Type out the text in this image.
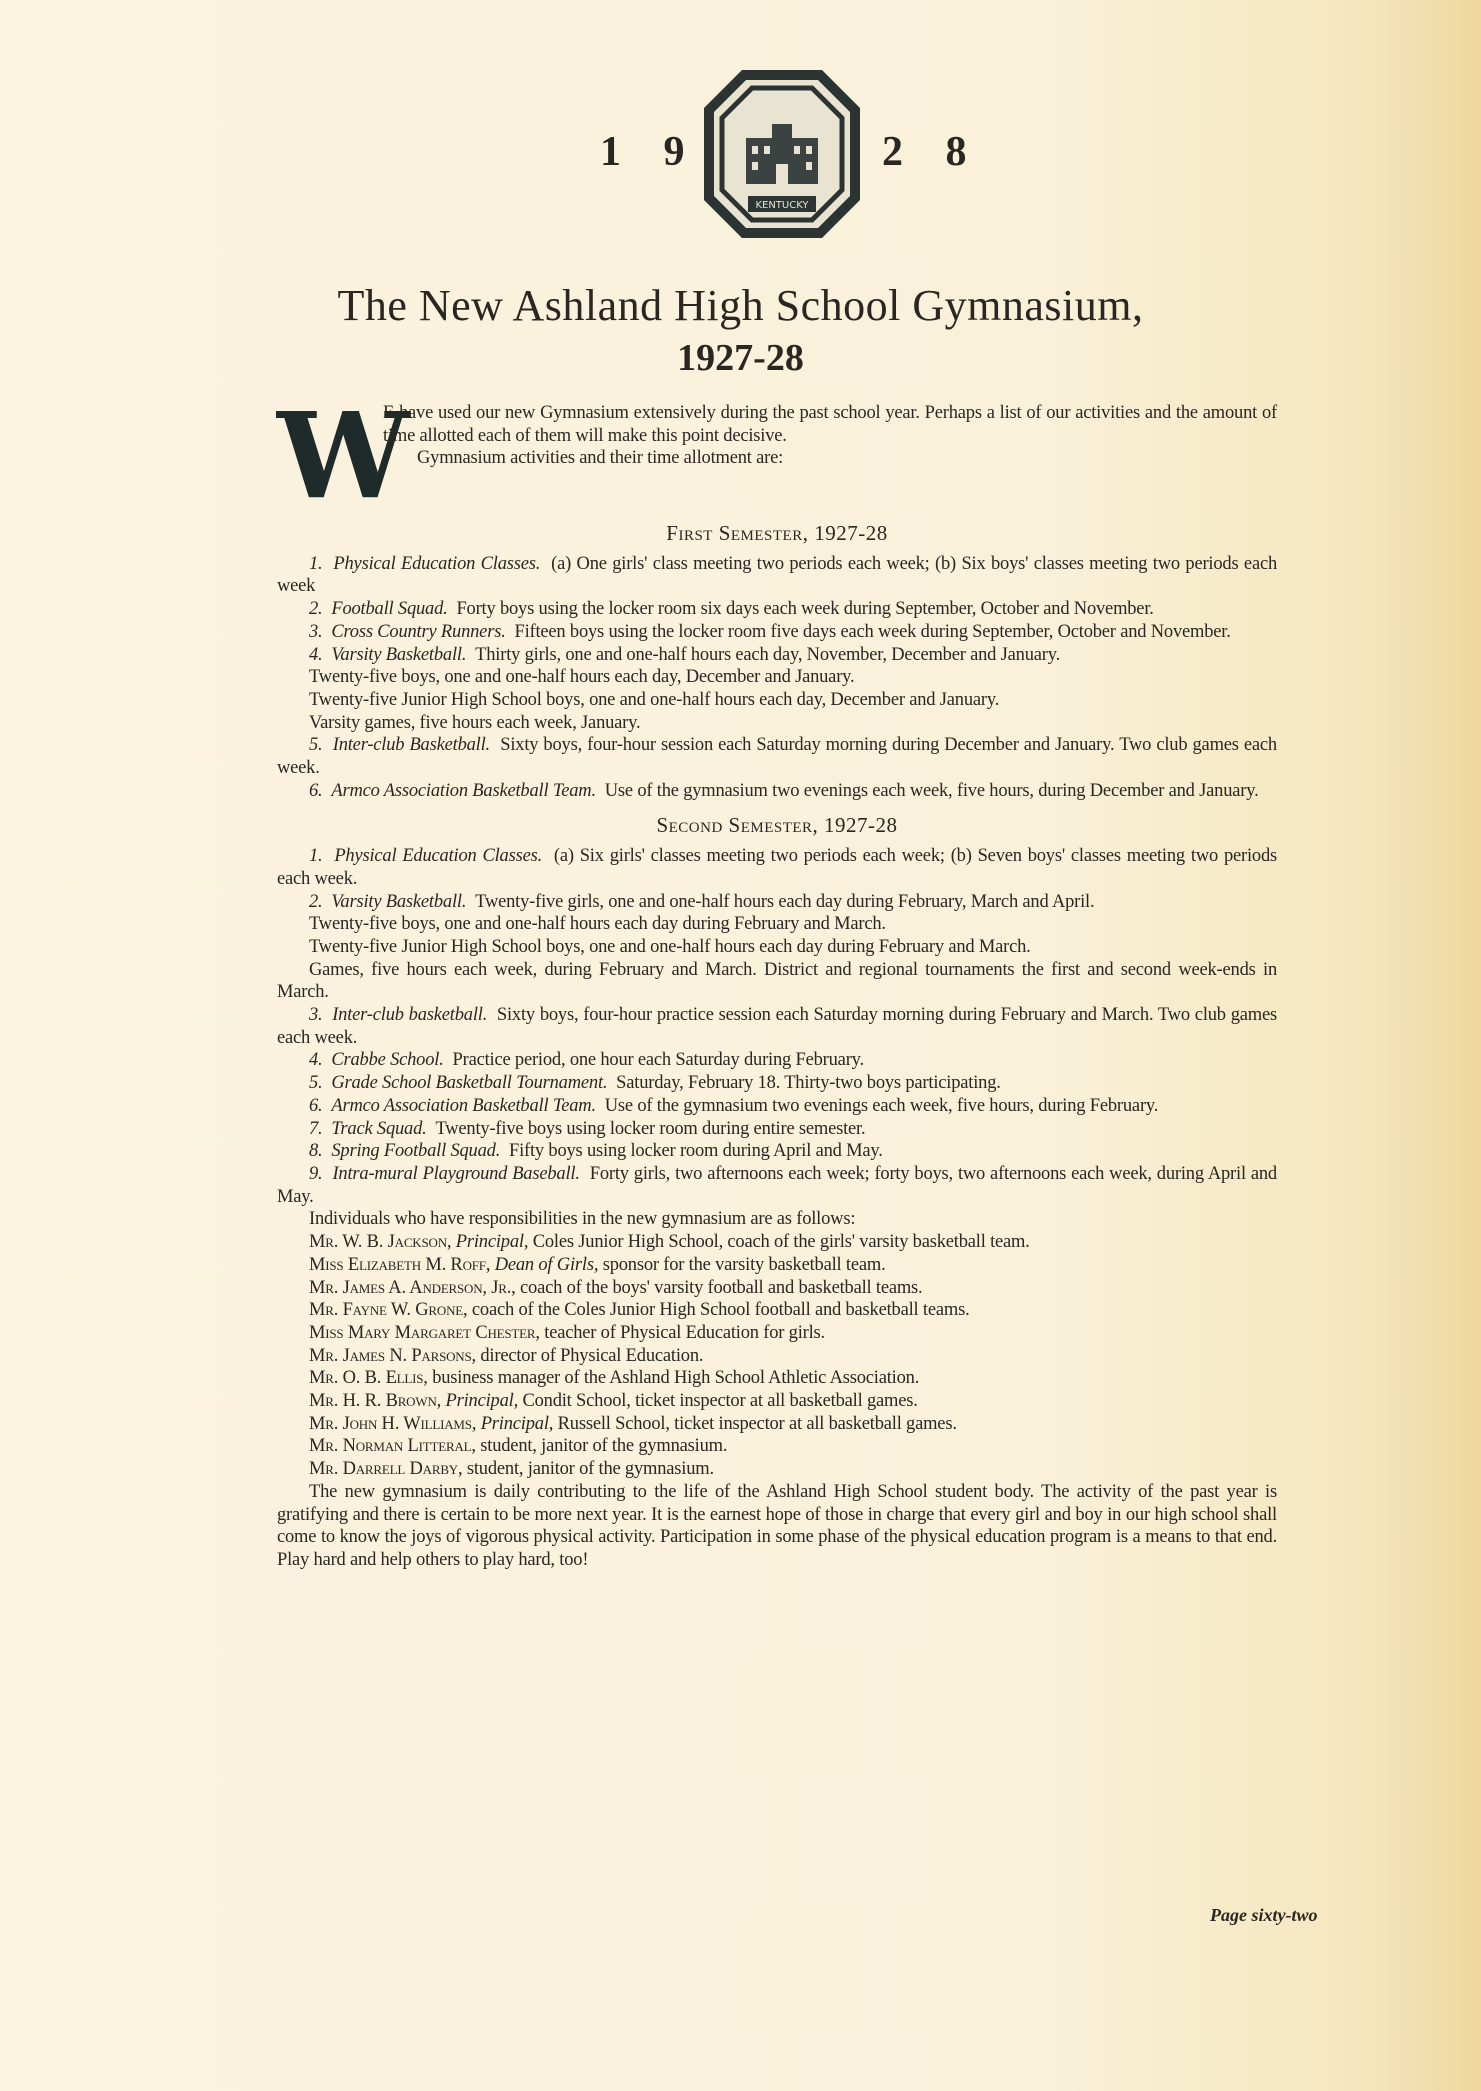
1 9
KENTUCKY
2 8
The New Ashland High School Gymnasium,
1927-28
W

E have used our new Gymnasium extensively during the past school year. Perhaps a list of our activities and the amount of time allotted each of them will make this point decisive.

Gymnasium activities and their time allotment are:

First Semester, 1927-28

1. Physical Education Classes. (a) One girls' class meeting two periods each week; (b) Six boys' classes meeting two periods each week

2. Football Squad. Forty boys using the locker room six days each week during September, October and November.

3. Cross Country Runners. Fifteen boys using the locker room five days each week during September, October and November.

4. Varsity Basketball. Thirty girls, one and one-half hours each day, November, December and January.

Twenty-five boys, one and one-half hours each day, December and January.

Twenty-five Junior High School boys, one and one-half hours each day, December and January.

Varsity games, five hours each week, January.

5. Inter-club Basketball. Sixty boys, four-hour session each Saturday morning during December and January. Two club games each week.

6. Armco Association Basketball Team. Use of the gymnasium two evenings each week, five hours, during December and January.

Second Semester, 1927-28

1. Physical Education Classes. (a) Six girls' classes meeting two periods each week; (b) Seven boys' classes meeting two periods each week.

2. Varsity Basketball. Twenty-five girls, one and one-half hours each day during February, March and April.

Twenty-five boys, one and one-half hours each day during February and March.

Twenty-five Junior High School boys, one and one-half hours each day during February and March.

Games, five hours each week, during February and March. District and regional tournaments the first and second week-ends in March.

3. Inter-club basketball. Sixty boys, four-hour practice session each Saturday morning during February and March. Two club games each week.

4. Crabbe School. Practice period, one hour each Saturday during February.

5. Grade School Basketball Tournament. Saturday, February 18. Thirty-two boys participating.

6. Armco Association Basketball Team. Use of the gymnasium two evenings each week, five hours, during February.

7. Track Squad. Twenty-five boys using locker room during entire semester.

8. Spring Football Squad. Fifty boys using locker room during April and May.

9. Intra-mural Playground Baseball. Forty girls, two afternoons each week; forty boys, two afternoons each week, during April and May.

Individuals who have responsibilities in the new gymnasium are as follows:

Mr. W. B. Jackson, Principal, Coles Junior High School, coach of the girls' varsity basketball team.

Miss Elizabeth M. Roff, Dean of Girls, sponsor for the varsity basketball team.

Mr. James A. Anderson, Jr., coach of the boys' varsity football and basketball teams.

Mr. Fayne W. Grone, coach of the Coles Junior High School football and basketball teams.

Miss Mary Margaret Chester, teacher of Physical Education for girls.

Mr. James N. Parsons, director of Physical Education.

Mr. O. B. Ellis, business manager of the Ashland High School Athletic Association.

Mr. H. R. Brown, Principal, Condit School, ticket inspector at all basketball games.

Mr. John H. Williams, Principal, Russell School, ticket inspector at all basketball games.

Mr. Norman Litteral, student, janitor of the gymnasium.

Mr. Darrell Darby, student, janitor of the gymnasium.

The new gymnasium is daily contributing to the life of the Ashland High School student body. The activity of the past year is gratifying and there is certain to be more next year. It is the earnest hope of those in charge that every girl and boy in our high school shall come to know the joys of vigorous physical activity. Participation in some phase of the physical education program is a means to that end. Play hard and help others to play hard, too!

Page sixty-two
